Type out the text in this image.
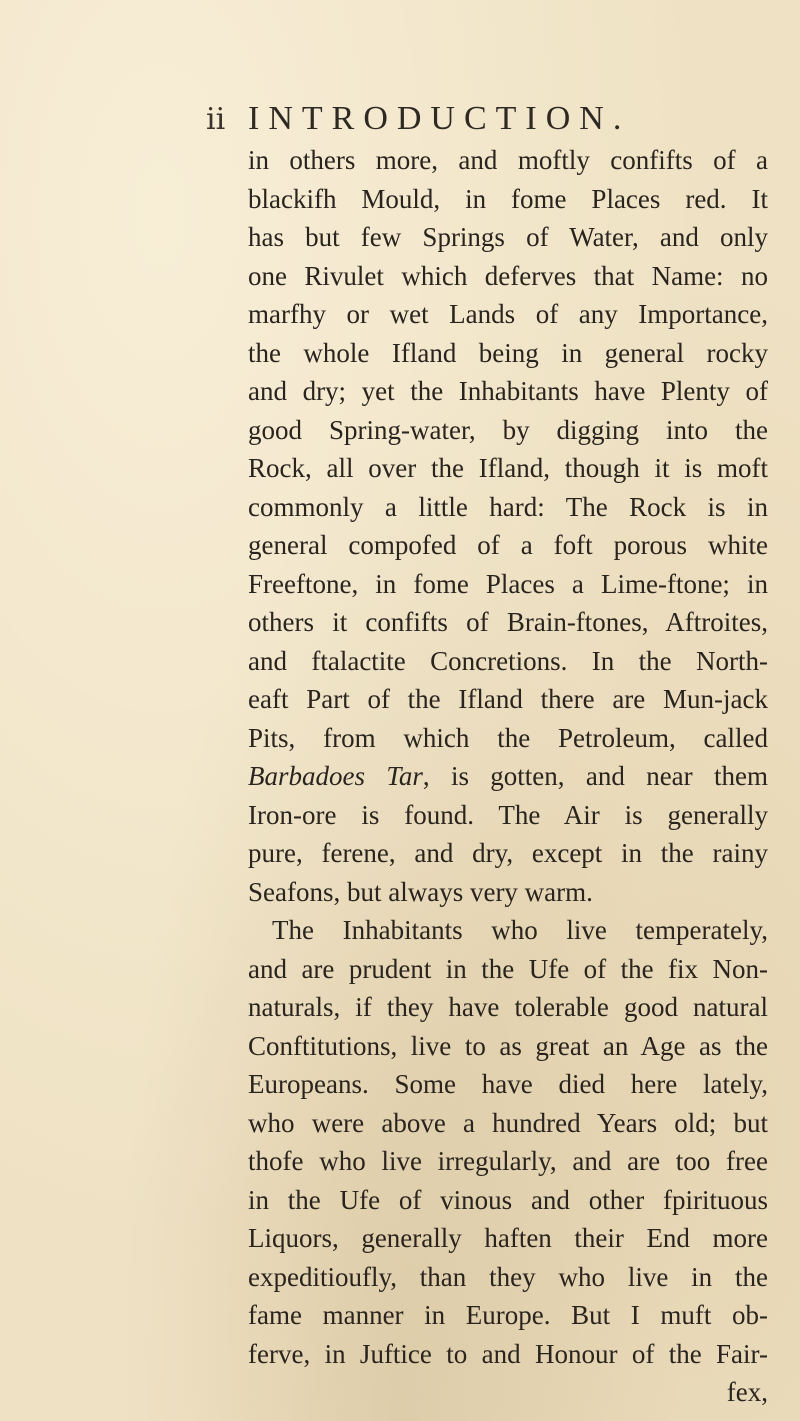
ii INTRODUCTION.
in others more, and moftly confifts of a
blackifh Mould, in fome Places red. It
has but few Springs of Water, and only
one Rivulet which deferves that Name: no
marfhy or wet Lands of any Importance,
the whole Ifland being in general rocky
and dry; yet the Inhabitants have Plenty of
good Spring-water, by digging into the
Rock, all over the Ifland, though it is moft
commonly a little hard: The Rock is in
general compofed of a foft porous white
Freeftone, in fome Places a Lime-ftone; in
others it confifts of Brain-ftones, Aftroites,
and ftalactite Concretions. In the North-
eaft Part of the Ifland there are Mun-jack
Pits, from which the Petroleum, called
Barbadoes Tar, is gotten, and near them
Iron-ore is found. The Air is generally
pure, ferene, and dry, except in the rainy
Seafons, but always very warm.
The Inhabitants who live temperately,
and are prudent in the Ufe of the fix Non-
naturals, if they have tolerable good natural
Conftitutions, live to as great an Age as the
Europeans. Some have died here lately,
who were above a hundred Years old; but
thofe who live irregularly, and are too free
in the Ufe of vinous and other fpirituous
Liquors, generally haften their End more
expeditioufly, than they who live in the
fame manner in Europe. But I muft ob-
ferve, in Juftice to and Honour of the Fair-
fex,
